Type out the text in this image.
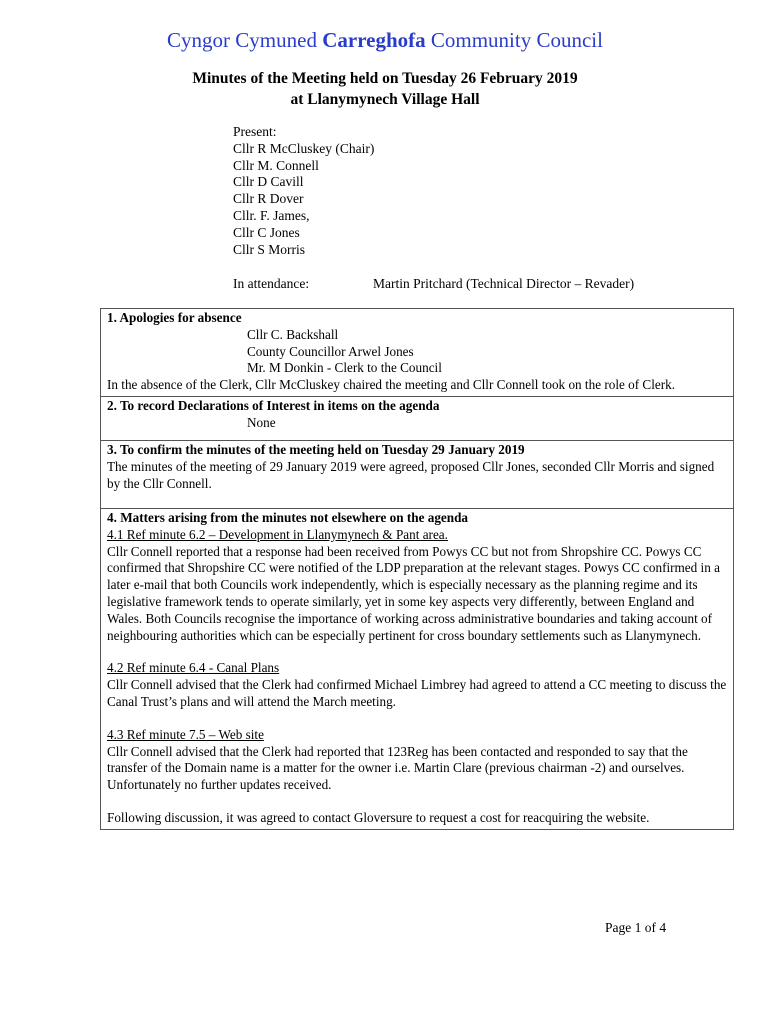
Cyngor Cymuned Carreghofa Community Council
Minutes of the Meeting held on Tuesday 26 February 2019
at Llanymynech Village Hall
Present:
Cllr R McCluskey (Chair)
Cllr M. Connell
Cllr D Cavill
Cllr R Dover
Cllr. F. James,
Cllr C Jones
Cllr S Morris
In attendance:	Martin Pritchard (Technical Director – Revader)
1. Apologies for absence
Cllr C. Backshall
County Councillor Arwel Jones
Mr. M Donkin - Clerk to the Council
In the absence of the Clerk, Cllr McCluskey chaired the meeting and Cllr Connell took on the role of Clerk.

2. To record Declarations of Interest in items on the agenda
None

3. To confirm the minutes of the meeting held on Tuesday 29 January 2019
The minutes of the meeting of 29 January 2019 were agreed, proposed Cllr Jones, seconded Cllr Morris and signed by the Cllr Connell.

4. Matters arising from the minutes not elsewhere on the agenda
4.1 Ref minute 6.2 – Development in Llanymynech & Pant area.
Cllr Connell reported that a response had been received from Powys CC but not from Shropshire CC. Powys CC confirmed that Shropshire CC were notified of the LDP preparation at the relevant stages. Powys CC confirmed in a later e-mail that both Councils work independently, which is especially necessary as the planning regime and its legislative framework tends to operate similarly, yet in some key aspects very differently, between England and Wales. Both Councils recognise the importance of working across administrative boundaries and taking account of neighbouring authorities which can be especially pertinent for cross boundary settlements such as Llanymynech.
4.2 Ref minute 6.4 - Canal Plans
Cllr Connell advised that the Clerk had confirmed Michael Limbrey had agreed to attend a CC meeting to discuss the Canal Trust’s plans and will attend the March meeting.
4.3 Ref minute 7.5 – Web site
Cllr Connell advised that the Clerk had reported that 123Reg has been contacted and responded to say that the transfer of the Domain name is a matter for the owner i.e. Martin Clare (previous chairman -2) and ourselves. Unfortunately no further updates received.
Following discussion, it was agreed to contact Gloversure to request a cost for reacquiring the website.
Page 1 of 4
